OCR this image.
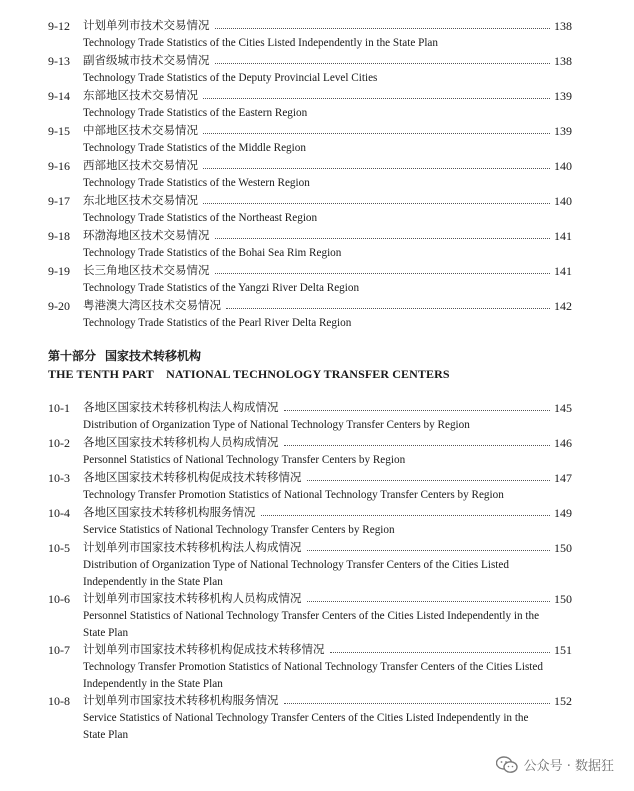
9-12 计划单列市技术交易情况	138
Technology Trade Statistics of the Cities Listed Independently in the State Plan
9-13 副省级城市技术交易情况	138
Technology Trade Statistics of the Deputy Provincial Level Cities
9-14 东部地区技术交易情况	139
Technology Trade Statistics of the Eastern Region
9-15 中部地区技术交易情况	139
Technology Trade Statistics of the Middle Region
9-16 西部地区技术交易情况	140
Technology Trade Statistics of the Western Region
9-17 东北地区技术交易情况	140
Technology Trade Statistics of the Northeast Region
9-18 环渤海地区技术交易情况	141
Technology Trade Statistics of the Bohai Sea Rim Region
9-19 长三角地区技术交易情况	141
Technology Trade Statistics of the Yangzi River Delta Region
9-20 粤港澳大湾区技术交易情况	142
Technology Trade Statistics of the Pearl River Delta Region
第十部分   国家技术转移机构
THE TENTH PART    NATIONAL TECHNOLOGY TRANSFER CENTERS
10-1 各地区国家技术转移机构法人构成情况	145
Distribution of Organization Type of National Technology Transfer Centers by Region
10-2 各地区国家技术转移机构人员构成情况	146
Personnel Statistics of National Technology Transfer Centers by Region
10-3 各地区国家技术转移机构促成技术转移情况	147
Technology Transfer Promotion Statistics of National Technology Transfer Centers by Region
10-4 各地区国家技术转移机构服务情况	149
Service Statistics of National Technology Transfer Centers by Region
10-5 计划单列市国家技术转移机构法人构成情况	150
Distribution of Organization Type of National Technology Transfer Centers of the Cities Listed Independently in the State Plan
10-6 计划单列市国家技术转移机构人员构成情况	150
Personnel Statistics of National Technology Transfer Centers of the Cities Listed Independently in the State Plan
10-7 计划单列市国家技术转移机构促成技术转移情况	151
Technology Transfer Promotion Statistics of National Technology Transfer Centers of the Cities Listed Independently in the State Plan
10-8 计划单列市国家技术转移机构服务情况	152
Service Statistics of National Technology Transfer Centers of the Cities Listed Independently in the State Plan
公众号 · 数据狂
